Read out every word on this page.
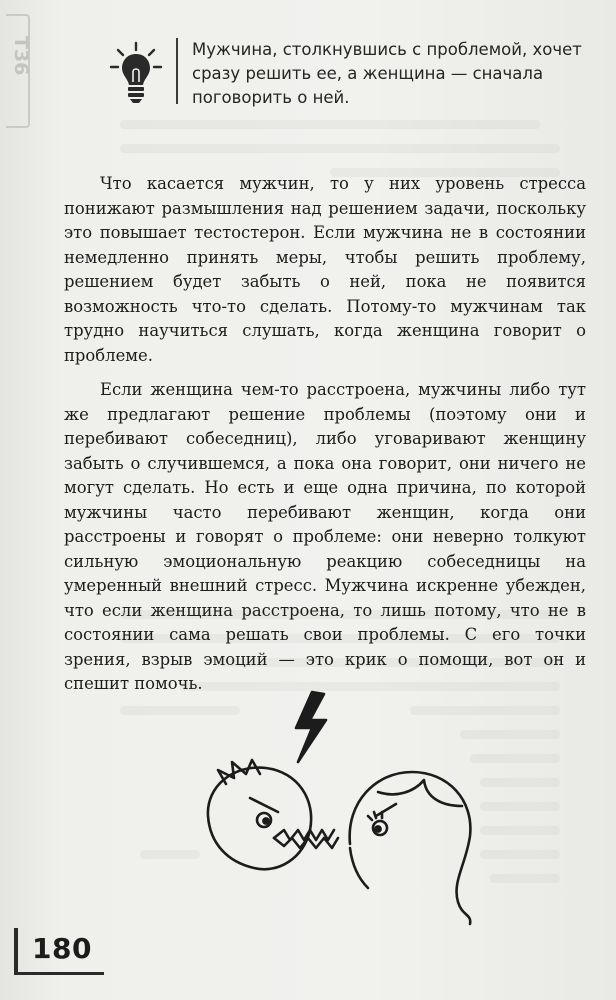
Т36	Мужчина, столкнувшись с проблемой, хочет сразу решить ее, а женщина — сначала поговорить о ней.

Что касается мужчин, то у них уровень стресса понижают размышления над решением задачи, поскольку это повышает тестостерон. Если мужчина не в состоянии немедленно принять меры, чтобы решить проблему, решением будет забыть о ней, пока не появится возможность что-то сделать. Потому-то мужчинам так трудно научиться слушать, когда женщина говорит о проблеме.

Если женщина чем-то расстроена, мужчины либо тут же предлагают решение проблемы (поэтому они и перебивают собеседниц), либо уговаривают женщину забыть о случившемся, а пока она говорит, они ничего не могут сделать. Но есть и еще одна причина, по которой мужчины часто перебивают женщин, когда они расстроены и говорят о проблеме: они неверно толкуют сильную эмоциональную реакцию собеседницы на умеренный внешний стресс. Мужчина искренне убежден, что если женщина расстроена, то лишь потому, что не в состоянии сама решать свои проблемы. С его точки зрения, взрыв эмоций — это крик о помощи, вот он и спешит помочь.

180
